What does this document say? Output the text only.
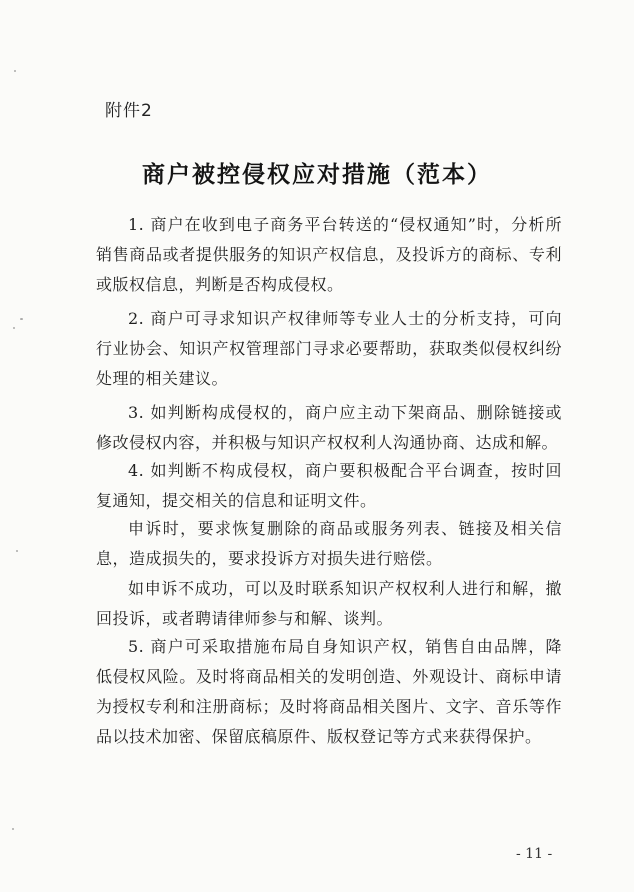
附件2
商户被控侵权应对措施（范本）

1. 商户在收到电子商务平台转送的“侵权通知”时，分析所销售商品或者提供服务的知识产权信息，及投诉方的商标、专利或版权信息，判断是否构成侵权。

2. 商户可寻求知识产权律师等专业人士的分析支持，可向行业协会、知识产权管理部门寻求必要帮助，获取类似侵权纠纷处理的相关建议。

3. 如判断构成侵权的，商户应主动下架商品、删除链接或修改侵权内容，并积极与知识产权权利人沟通协商、达成和解。

4. 如判断不构成侵权，商户要积极配合平台调查，按时回复通知，提交相关的信息和证明文件。

申诉时，要求恢复删除的商品或服务列表、链接及相关信息，造成损失的，要求投诉方对损失进行赔偿。

如申诉不成功，可以及时联系知识产权权利人进行和解，撤回投诉，或者聘请律师参与和解、谈判。

5. 商户可采取措施布局自身知识产权，销售自由品牌，降低侵权风险。及时将商品相关的发明创造、外观设计、商标申请为授权专利和注册商标；及时将商品相关图片、文字、音乐等作品以技术加密、保留底稿原件、版权登记等方式来获得保护。

- 11 -
